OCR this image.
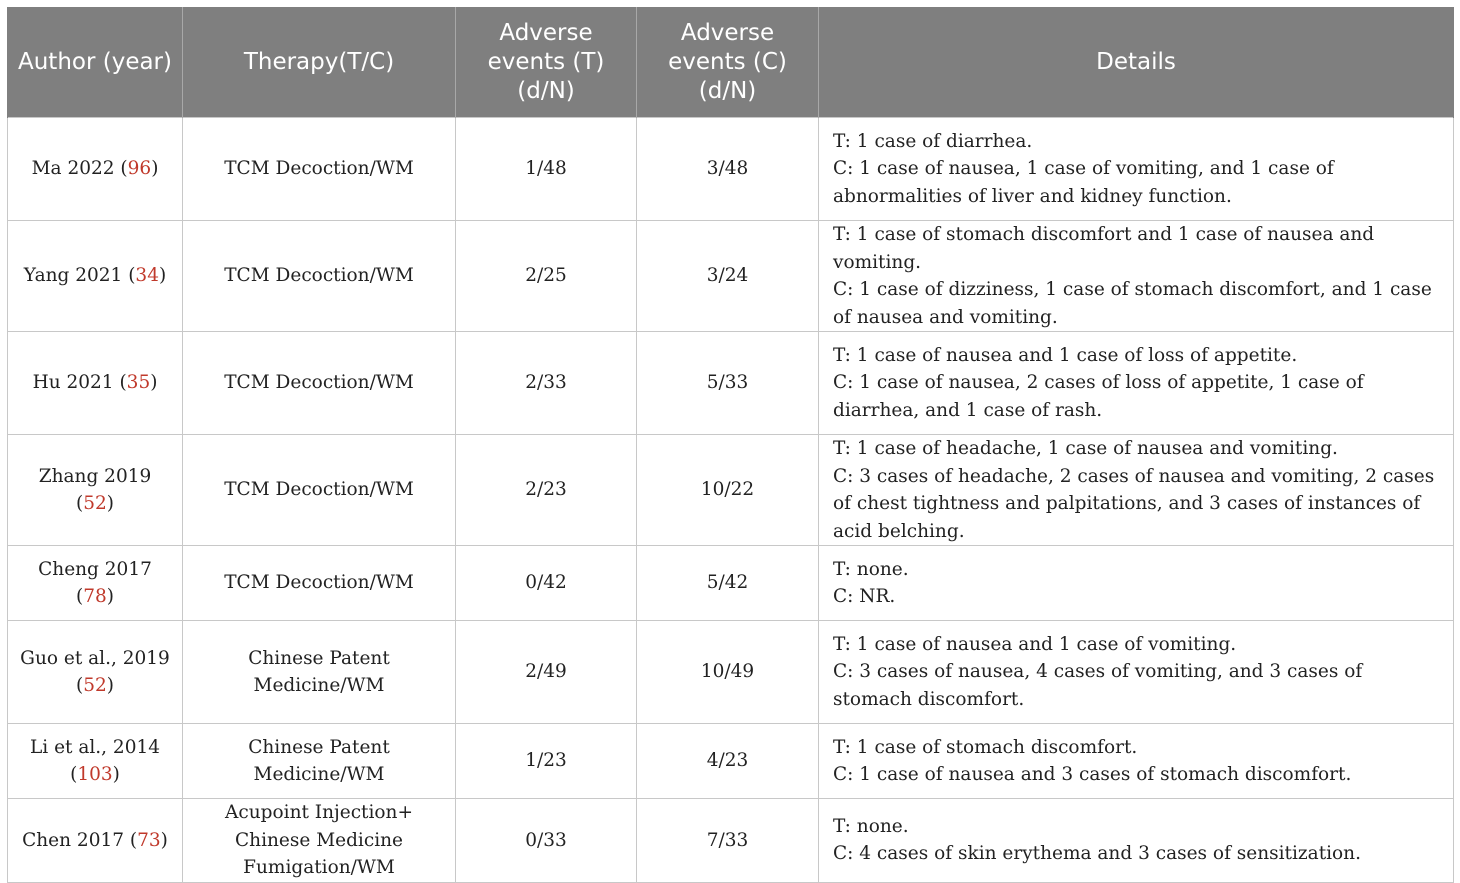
Author (year)	Therapy(T/C)	Adverse events (T) (d/N)	Adverse events (C) (d/N)	Details
Ma 2022 (96)	TCM Decoction/WM	1/48	3/48	T: 1 case of diarrhea.
C: 1 case of nausea, 1 case of vomiting, and 1 case of abnormalities of liver and kidney function.

Yang 2021 (34)	TCM Decoction/WM	2/25	3/24	T: 1 case of stomach discomfort and 1 case of nausea and vomiting.
C: 1 case of dizziness, 1 case of stomach discomfort, and 1 case of nausea and vomiting.

Hu 2021 (35)	TCM Decoction/WM	2/33	5/33	T: 1 case of nausea and 1 case of loss of appetite.
C: 1 case of nausea, 2 cases of loss of appetite, 1 case of diarrhea, and 1 case of rash.

Zhang 2019 (52)	TCM Decoction/WM	2/23	10/22	T: 1 case of headache, 1 case of nausea and vomiting.
C: 3 cases of headache, 2 cases of nausea and vomiting, 2 cases of chest tightness and palpitations, and 3 cases of instances of acid belching.

Cheng 2017 (78)	TCM Decoction/WM	0/42	5/42	T: none.
C: NR.

Guo et al., 2019 (52)	Chinese Patent Medicine/WM	2/49	10/49	T: 1 case of nausea and 1 case of vomiting.
C: 3 cases of nausea, 4 cases of vomiting, and 3 cases of stomach discomfort.

Li et al., 2014 (103)	Chinese Patent Medicine/WM	1/23	4/23	T: 1 case of stomach discomfort.
C: 1 case of nausea and 3 cases of stomach discomfort.

Chen 2017 (73)	Acupoint Injection+ Chinese Medicine Fumigation/WM	0/33	7/33	T: none.
C: 4 cases of skin erythema and 3 cases of sensitization.
